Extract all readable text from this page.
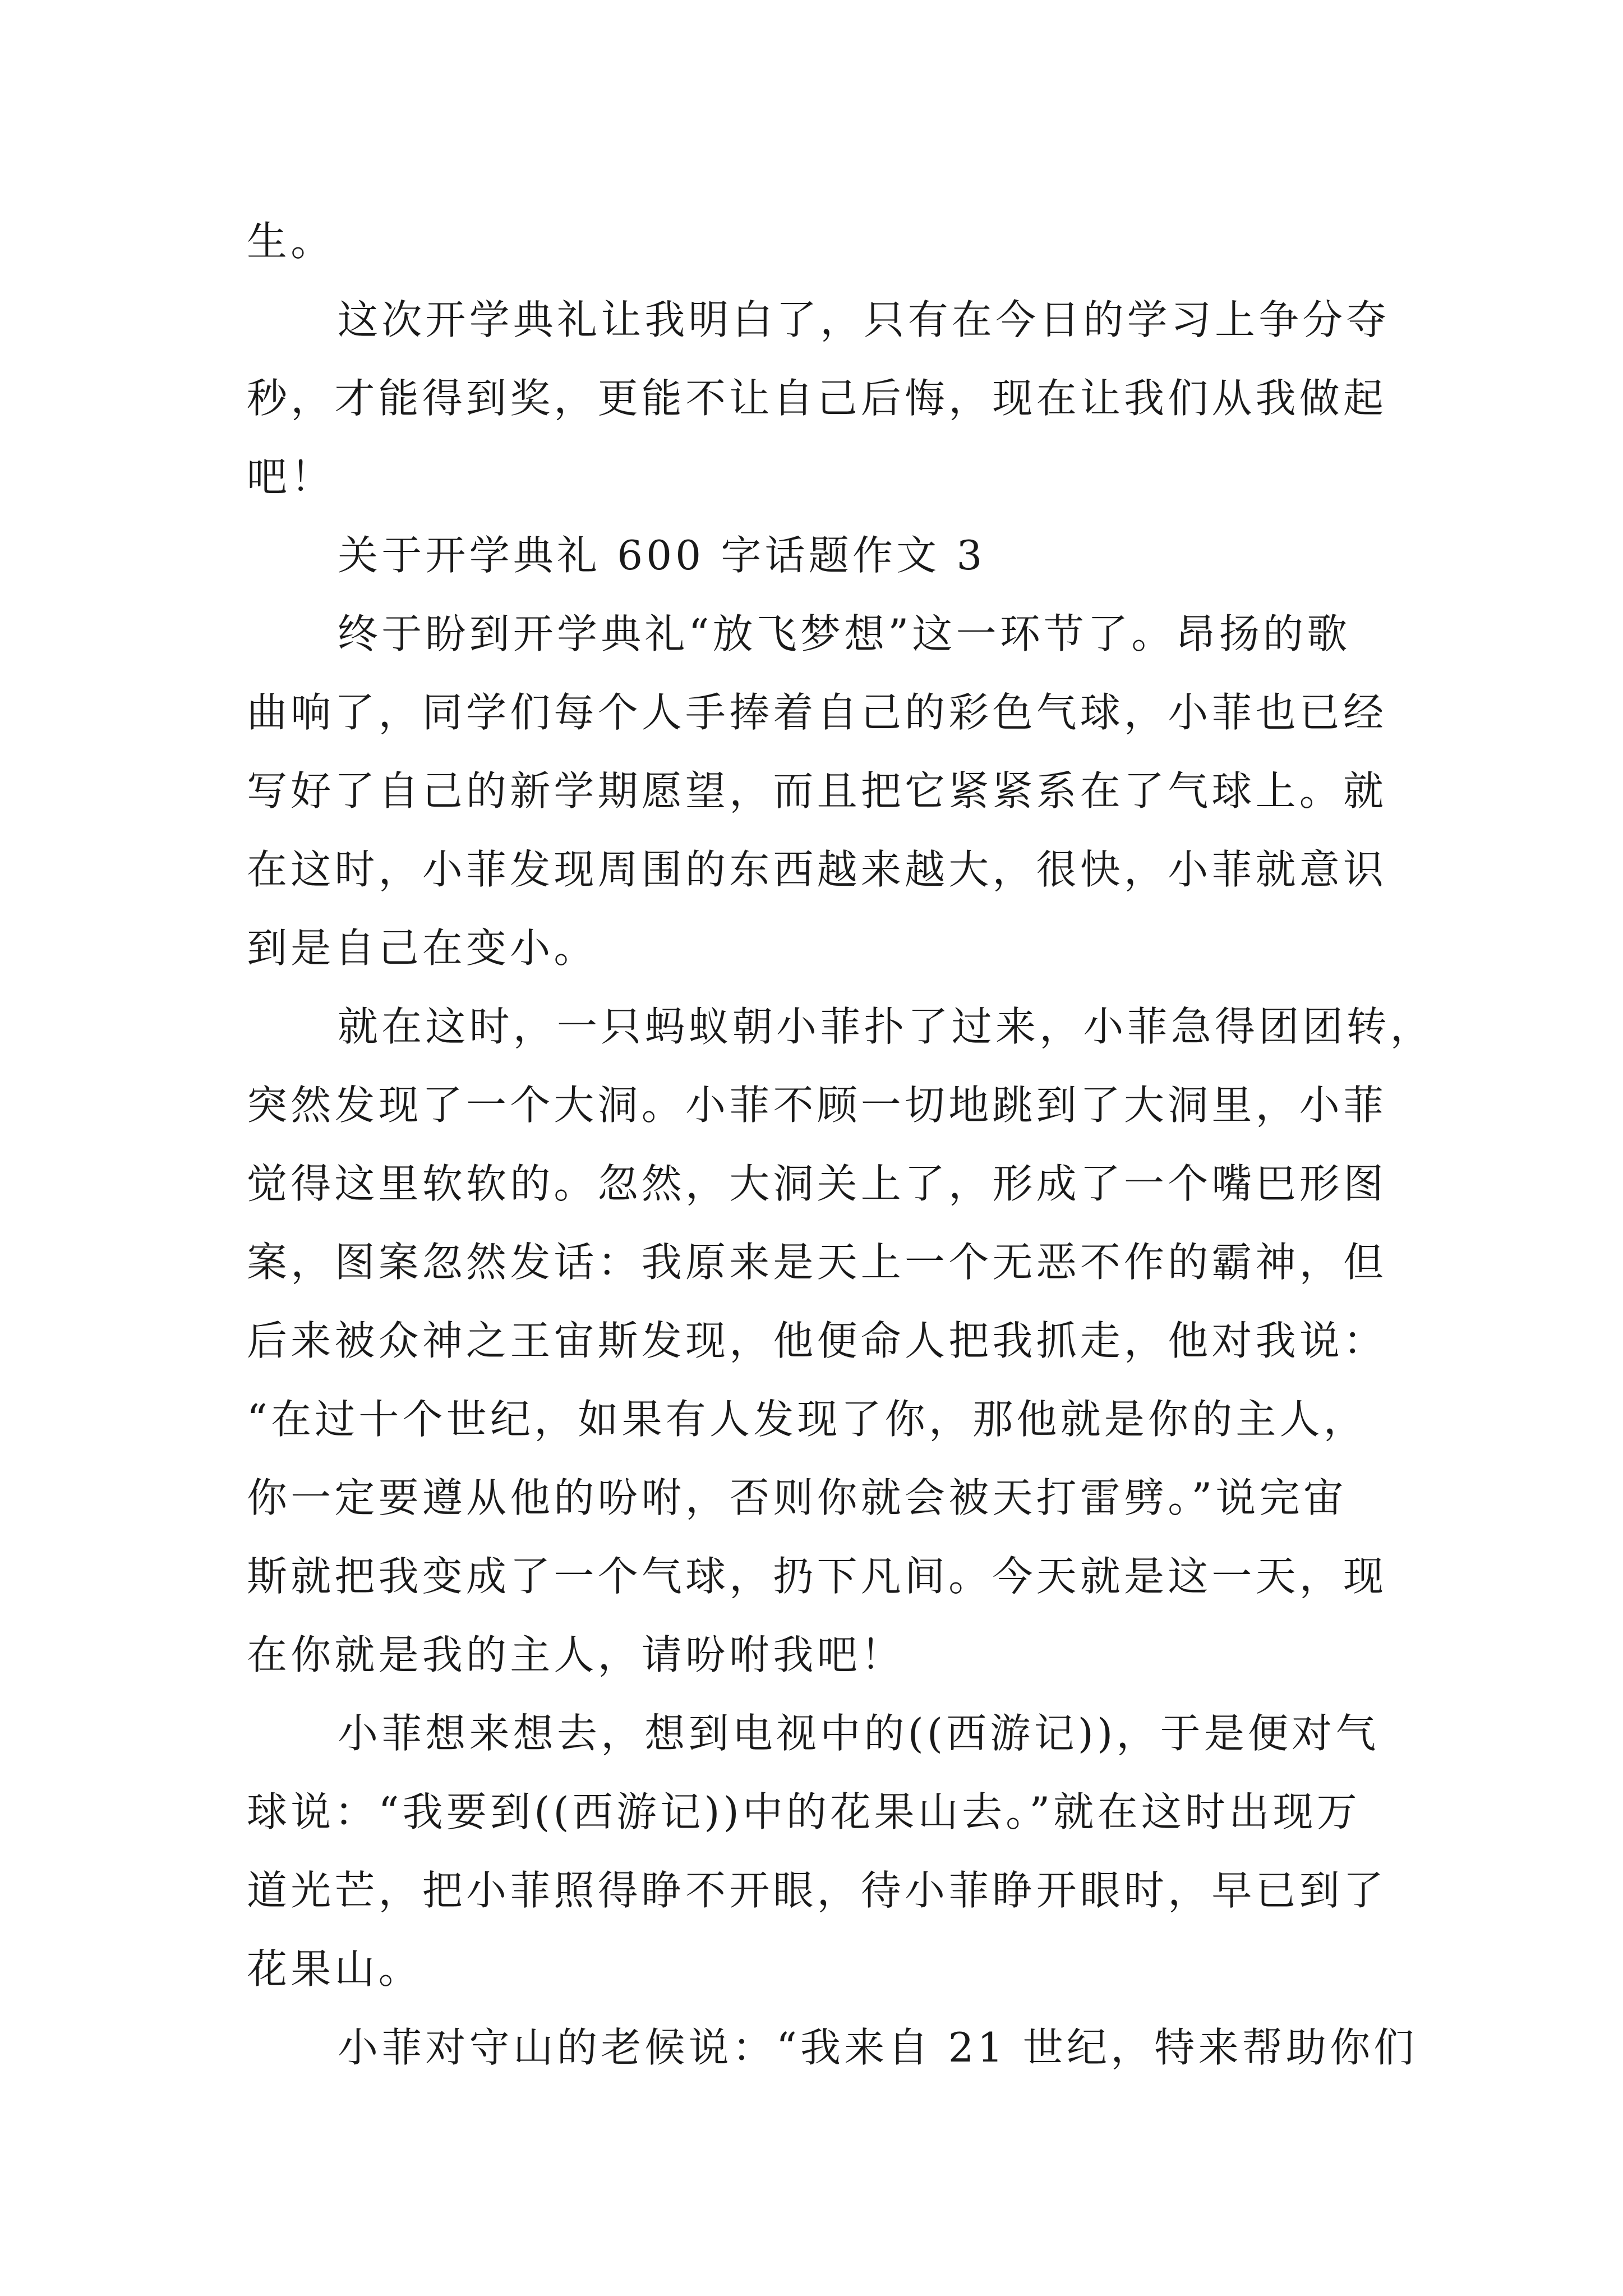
生。
这次开学典礼让我明白了，只有在今日的学习上争分夺
秒，才能得到奖，更能不让自己后悔，现在让我们从我做起
吧！
关于开学典礼 600 字话题作文 3
终于盼到开学典礼“放飞梦想”这一环节了。昂扬的歌
曲响了，同学们每个人手捧着自己的彩色气球，小菲也已经
写好了自己的新学期愿望，而且把它紧紧系在了气球上。就
在这时，小菲发现周围的东西越来越大，很快，小菲就意识
到是自己在变小。
就在这时，一只蚂蚁朝小菲扑了过来，小菲急得团团转，
突然发现了一个大洞。小菲不顾一切地跳到了大洞里，小菲
觉得这里软软的。忽然，大洞关上了，形成了一个嘴巴形图
案，图案忽然发话：我原来是天上一个无恶不作的霸神，但
后来被众神之王宙斯发现，他便命人把我抓走，他对我说：
“在过十个世纪，如果有人发现了你，那他就是你的主人，
你一定要遵从他的吩咐，否则你就会被天打雷劈。”说完宙
斯就把我变成了一个气球，扔下凡间。今天就是这一天，现
在你就是我的主人，请吩咐我吧！
小菲想来想去，想到电视中的((西游记))，于是便对气
球说：“我要到((西游记))中的花果山去。”就在这时出现万
道光芒，把小菲照得睁不开眼，待小菲睁开眼时，早已到了
花果山。
小菲对守山的老候说：“我来自 21 世纪，特来帮助你们
